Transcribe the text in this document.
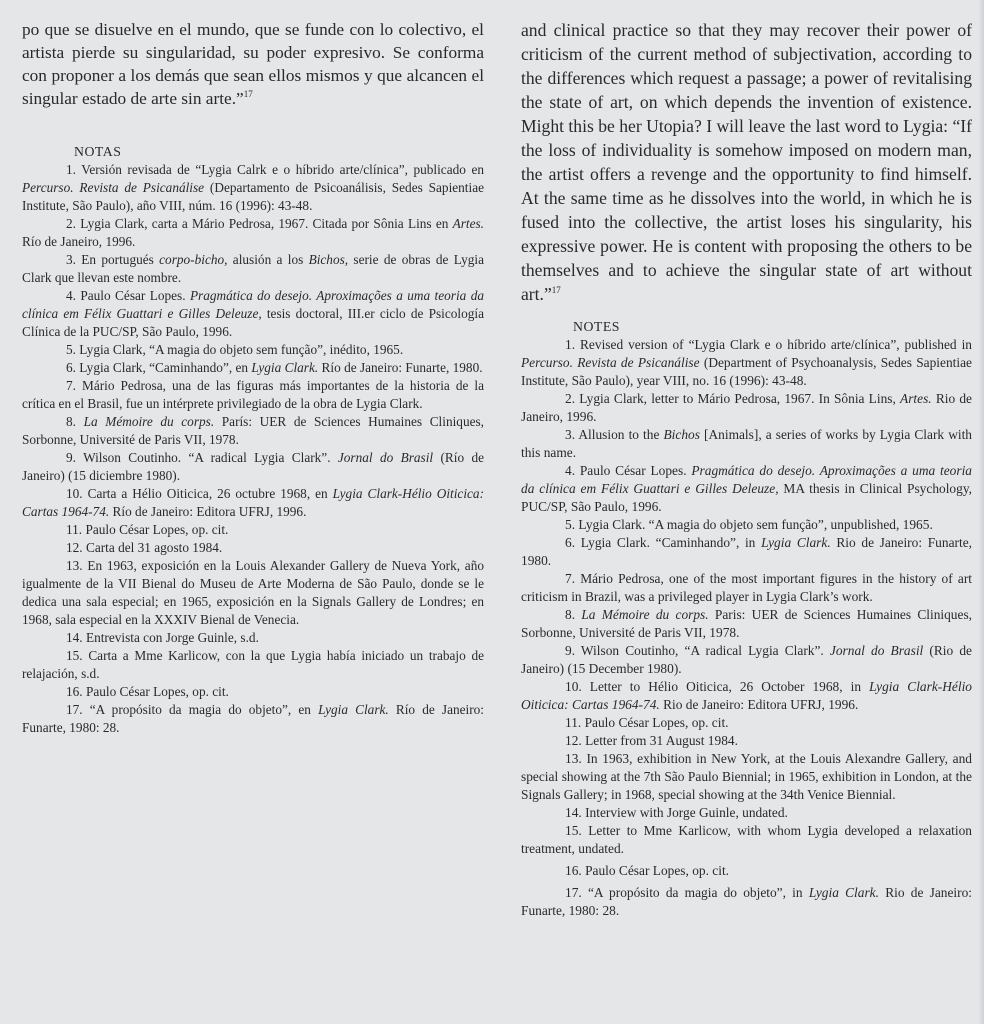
po que se disuelve en el mundo, que se funde con lo colectivo, el artista pierde su singularidad, su poder expresivo. Se conforma con proponer a los demás que sean ellos mismos y que alcancen el singular estado de arte sin arte.”$^{17}$

NOTAS

1. Versión revisada de “Lygia Calrk e o híbrido arte/clínica”, publicado en Percurso. Revista de Psicanálise (Departamento de Psicoanálisis, Sedes Sapientiae Institute, São Paulo), año VIII, núm. 16 (1996): 43-48.

2. Lygia Clark, carta a Mário Pedrosa, 1967. Citada por Sônia Lins en Artes. Río de Janeiro, 1996.

3. En portugués corpo-bicho, alusión a los Bichos, serie de obras de Lygia Clark que llevan este nombre.

4. Paulo César Lopes. Pragmática do desejo. Aproximações a uma teoria da clínica em Félix Guattari e Gilles Deleuze, tesis doctoral, III.er ciclo de Psicología Clínica de la PUC/SP, São Paulo, 1996.

5. Lygia Clark, “A magia do objeto sem função”, inédito, 1965.

6. Lygia Clark, “Caminhando”, en Lygia Clark. Río de Janeiro: Funarte, 1980.

7. Mário Pedrosa, una de las figuras más importantes de la historia de la crítica en el Brasil, fue un intérprete privilegiado de la obra de Lygia Clark.

8. La Mémoire du corps. París: UER de Sciences Humaines Cliniques, Sorbonne, Université de Paris VII, 1978.

9. Wilson Coutinho. “A radical Lygia Clark”. Jornal do Brasil (Río de Janeiro) (15 diciembre 1980).

10. Carta a Hélio Oiticica, 26 octubre 1968, en Lygia Clark-Hélio Oiticica: Cartas 1964-74. Río de Janeiro: Editora UFRJ, 1996.

11. Paulo César Lopes, op. cit.

12. Carta del 31 agosto 1984.

13. En 1963, exposición en la Louis Alexander Gallery de Nueva York, año igualmente de la VII Bienal do Museu de Arte Moderna de São Paulo, donde se le dedica una sala especial; en 1965, exposición en la Signals Gallery de Londres; en 1968, sala especial en la XXXIV Bienal de Venecia.

14. Entrevista con Jorge Guinle, s.d.

15. Carta a Mme Karlicow, con la que Lygia había iniciado un trabajo de relajación, s.d.

16. Paulo César Lopes, op. cit.

17. “A propósito da magia do objeto”, en Lygia Clark. Río de Janeiro: Funarte, 1980: 28.

and clinical practice so that they may recover their power of criticism of the current method of subjectivation, according to the differences which request a passage; a power of revitalising the state of art, on which depends the invention of existence. Might this be her Utopia? I will leave the last word to Lygia: “If the loss of individuality is somehow imposed on modern man, the artist offers a revenge and the opportunity to find himself. At the same time as he dissolves into the world, in which he is fused into the collective, the artist loses his singularity, his expressive power. He is content with proposing the others to be themselves and to achieve the singular state of art without art.”$^{17}$

NOTES

1. Revised version of “Lygia Clark e o híbrido arte/clínica”, published in Percurso. Revista de Psicanálise (Department of Psychoanalysis, Sedes Sapientiae Institute, São Paulo), year VIII, no. 16 (1996): 43-48.

2. Lygia Clark, letter to Mário Pedrosa, 1967. In Sônia Lins, Artes. Rio de Janeiro, 1996.

3. Allusion to the Bichos [Animals], a series of works by Lygia Clark with this name.

4. Paulo César Lopes. Pragmática do desejo. Aproximações a uma teoria da clínica em Félix Guattari e Gilles Deleuze, MA thesis in Clinical Psychology, PUC/SP, São Paulo, 1996.

5. Lygia Clark. “A magia do objeto sem função”, unpublished, 1965.

6. Lygia Clark. “Caminhando”, in Lygia Clark. Rio de Janeiro: Funarte, 1980.

7. Mário Pedrosa, one of the most important figures in the history of art criticism in Brazil, was a privileged player in Lygia Clark’s work.

8. La Mémoire du corps. Paris: UER de Sciences Humaines Cliniques, Sorbonne, Université de Paris VII, 1978.

9. Wilson Coutinho, “A radical Lygia Clark”. Jornal do Brasil (Rio de Janeiro) (15 December 1980).

10. Letter to Hélio Oiticica, 26 October 1968, in Lygia Clark-Hélio Oiticica: Cartas 1964-74. Rio de Janeiro: Editora UFRJ, 1996.

11. Paulo César Lopes, op. cit.

12. Letter from 31 August 1984.

13. In 1963, exhibition in New York, at the Louis Alexandre Gallery, and special showing at the 7th São Paulo Biennial; in 1965, exhibition in London, at the Signals Gallery; in 1968, special showing at the 34th Venice Biennial.

14. Interview with Jorge Guinle, undated.

15. Letter to Mme Karlicow, with whom Lygia developed a relaxation treatment, undated.

16. Paulo César Lopes, op. cit.

17. “A propósito da magia do objeto”, in Lygia Clark. Rio de Janeiro: Funarte, 1980: 28.
